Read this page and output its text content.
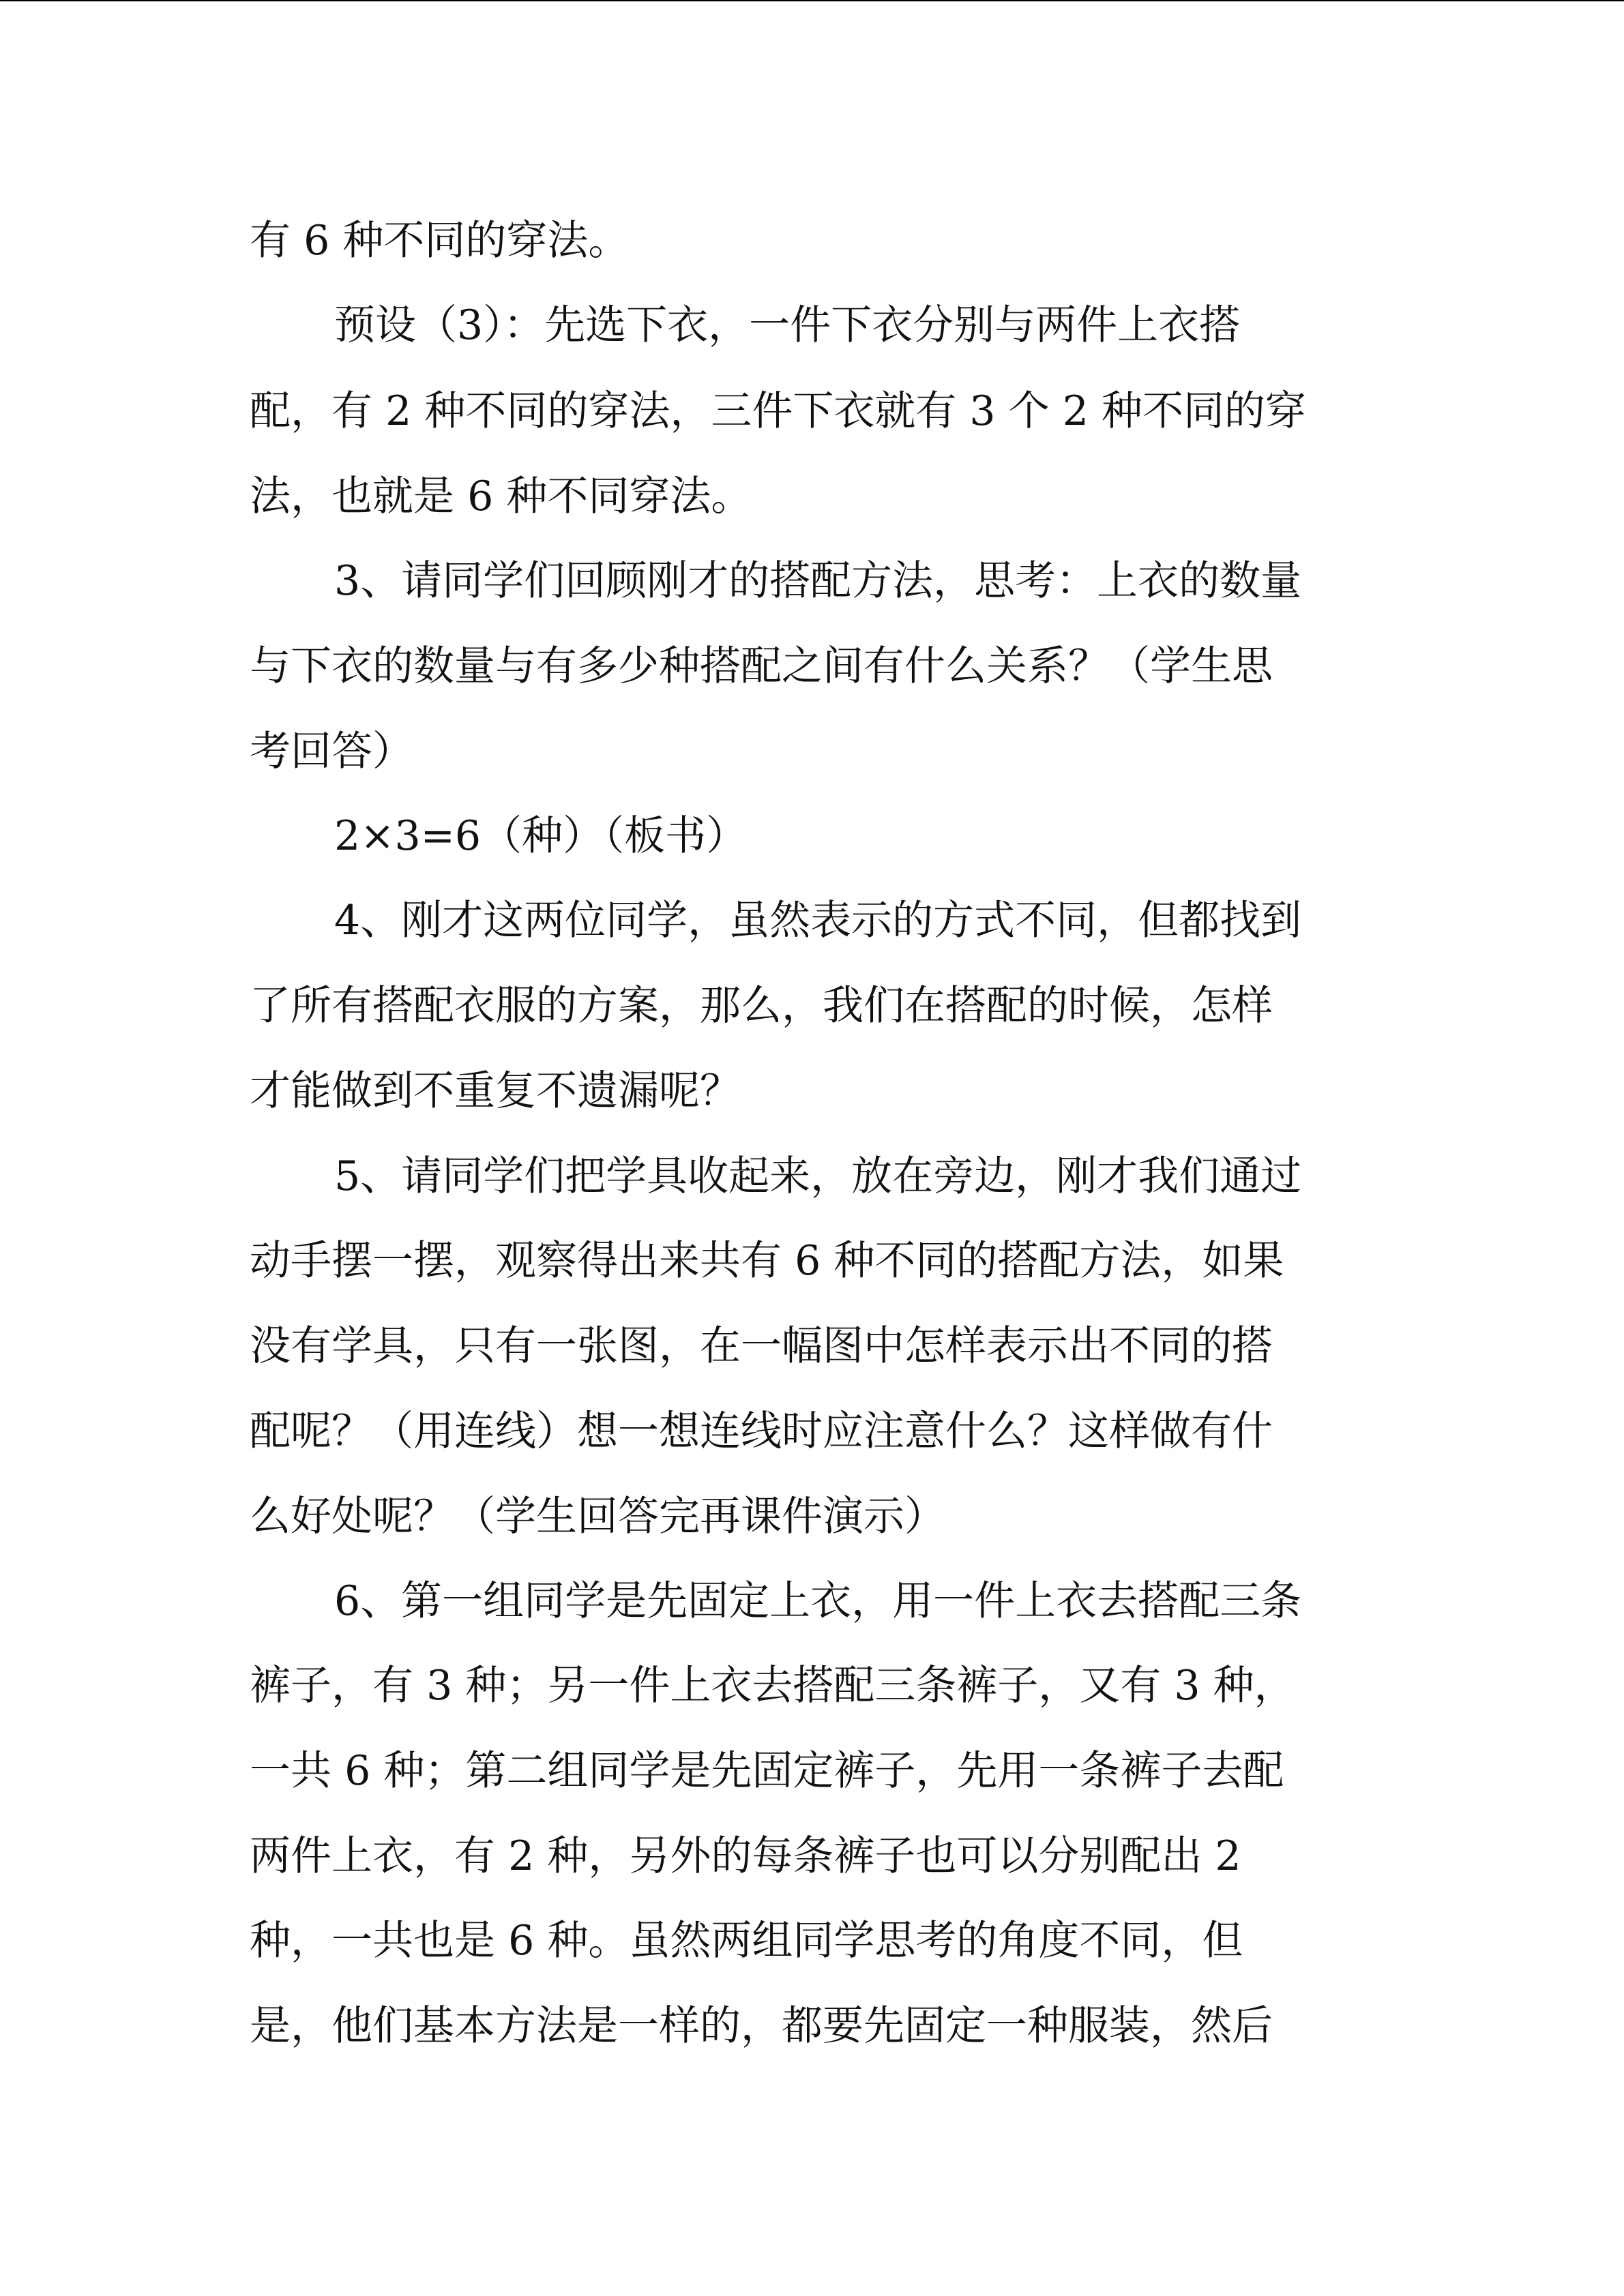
有 6 种不同的穿法。

预设（3）：先选下衣，一件下衣分别与两件上衣搭

配，有 2 种不同的穿法，三件下衣就有 3 个 2 种不同的穿

法，也就是 6 种不同穿法。

3、请同学们回顾刚才的搭配方法，思考：上衣的数量

与下衣的数量与有多少种搭配之间有什么关系？（学生思

考回答）

2×3=6（种）（板书）

4、刚才这两位同学，虽然表示的方式不同，但都找到

了所有搭配衣服的方案，那么，我们在搭配的时候，怎样

才能做到不重复不遗漏呢？

5、请同学们把学具收起来，放在旁边，刚才我们通过

动手摆一摆，观察得出来共有 6 种不同的搭配方法，如果

没有学具，只有一张图，在一幅图中怎样表示出不同的搭

配呢？（用连线）想一想连线时应注意什么？这样做有什

么好处呢？（学生回答完再课件演示）

6、第一组同学是先固定上衣，用一件上衣去搭配三条

裤子，有 3 种；另一件上衣去搭配三条裤子，又有 3 种，

一共 6 种；第二组同学是先固定裤子，先用一条裤子去配

两件上衣，有 2 种，另外的每条裤子也可以分别配出 2

种，一共也是 6 种。虽然两组同学思考的角度不同，但

是，他们基本方法是一样的，都要先固定一种服装，然后
